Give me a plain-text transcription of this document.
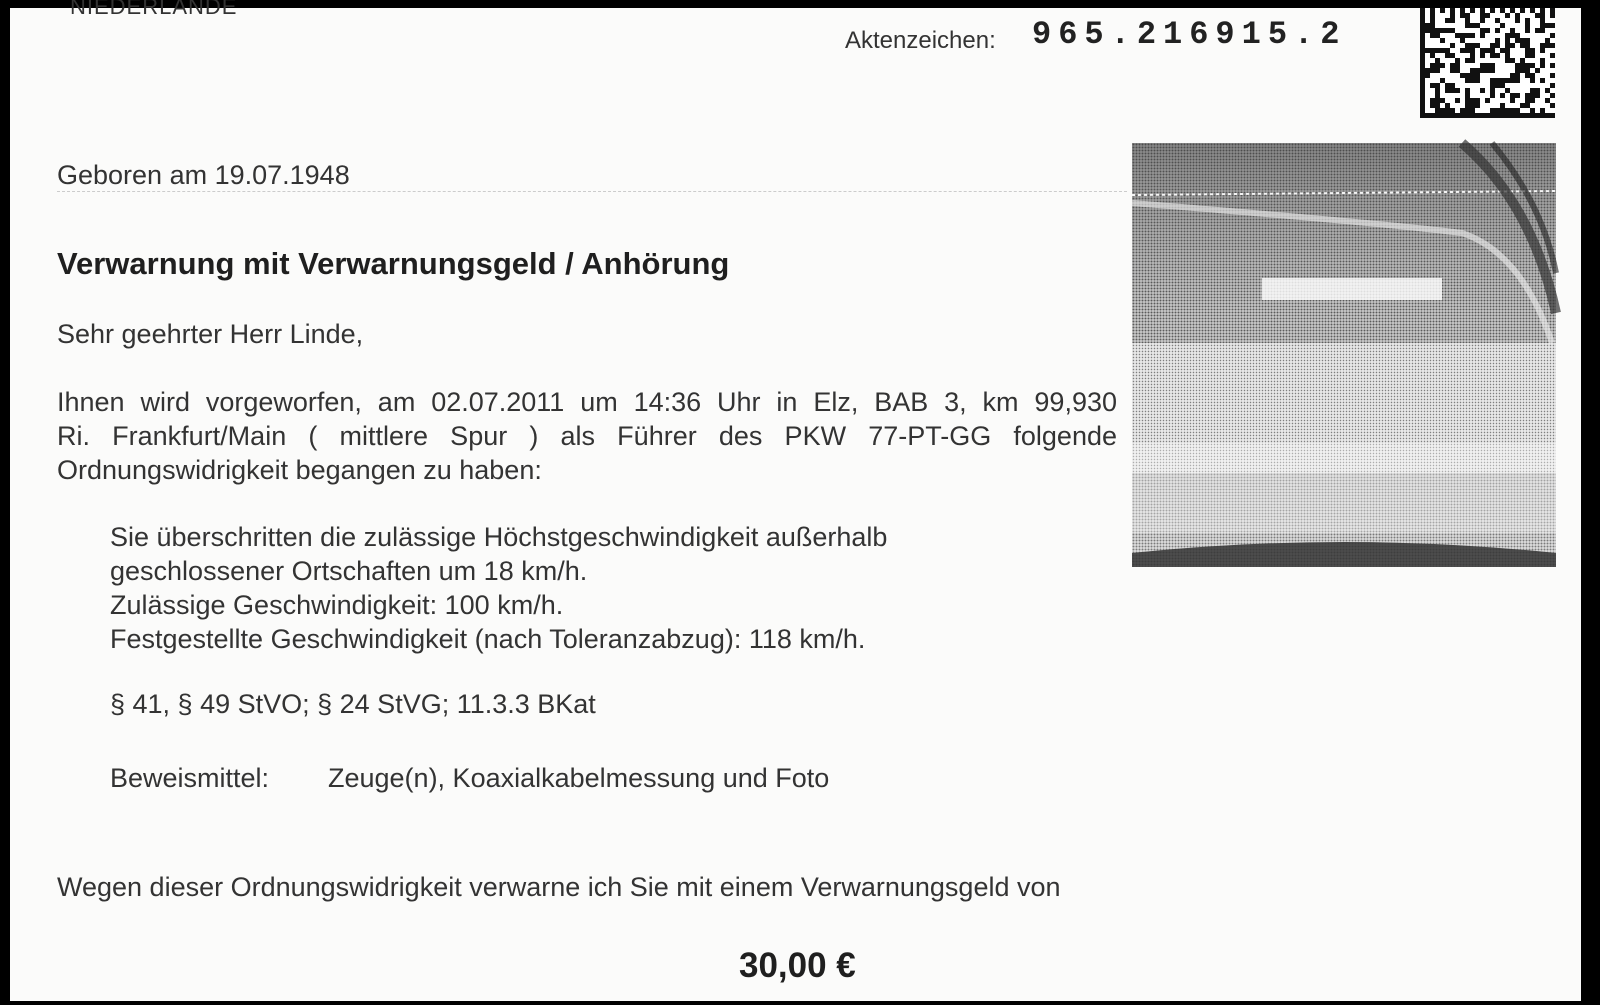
NIEDERLANDE
Aktenzeichen: 965.216915.2
Geboren am 19.07.1948
Verwarnung mit Verwarnungsgeld / Anhörung
Sehr geehrter Herr Linde,
Ihnen wird vorgeworfen, am 02.07.2011 um 14:36 Uhr in Elz, BAB 3, km 99,930
Ri. Frankfurt/Main ( mittlere Spur ) als Führer des PKW 77-PT-GG folgende
Ordnungswidrigkeit begangen zu haben:
Sie überschritten die zulässige Höchstgeschwindigkeit außerhalb
geschlossener Ortschaften um 18 km/h.
Zulässige Geschwindigkeit: 100 km/h.
Festgestellte Geschwindigkeit (nach Toleranzabzug): 118 km/h.
§ 41, § 49 StVO; § 24 StVG; 11.3.3 BKat
Beweismittel: Zeuge(n), Koaxialkabelmessung und Foto
Wegen dieser Ordnungswidrigkeit verwarne ich Sie mit einem Verwarnungsgeld von
30,00 €
